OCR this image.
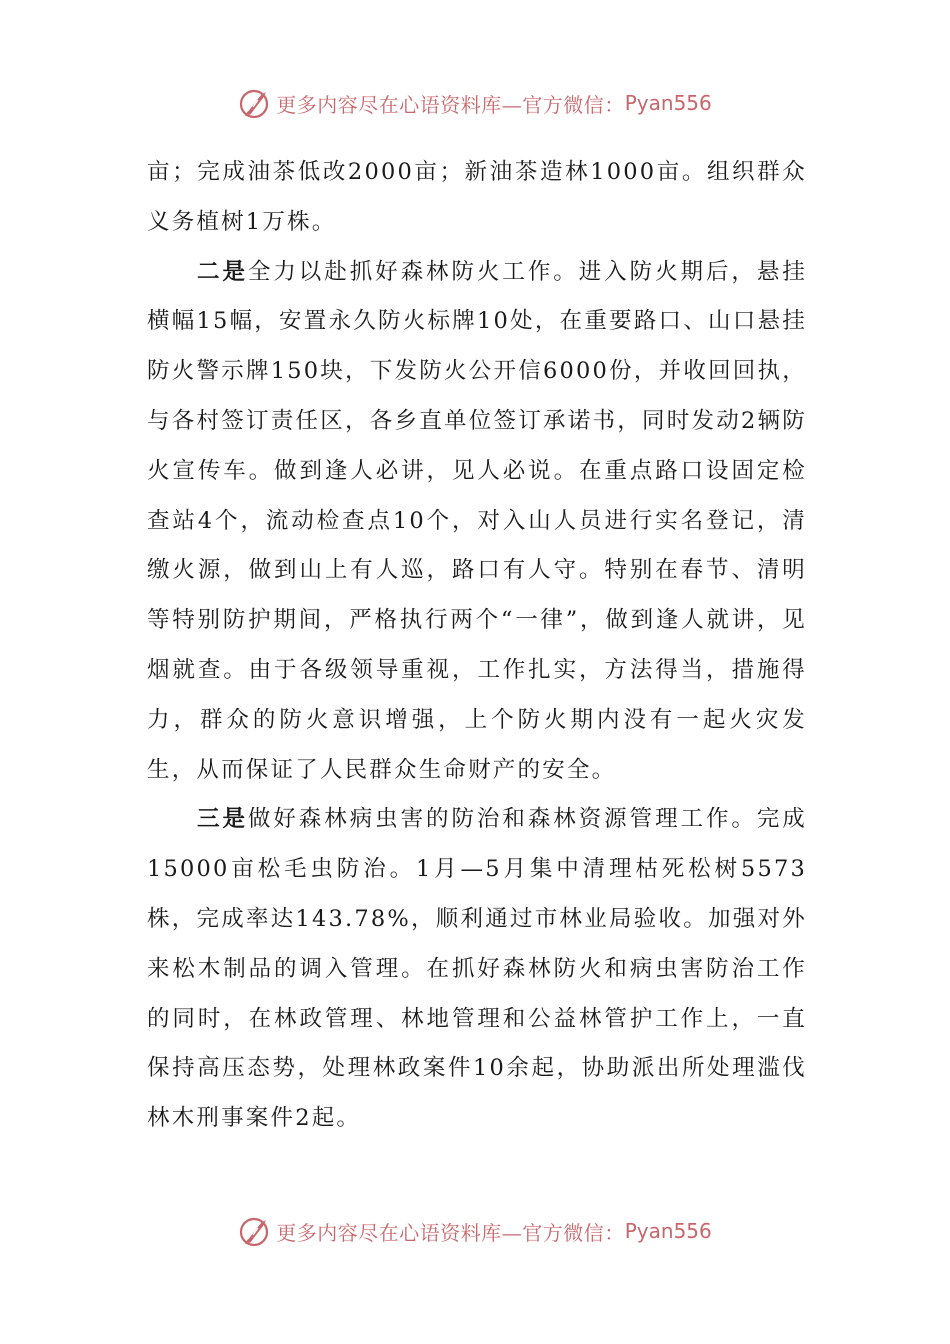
更多内容尽在心语资料库—官方微信： Pyan556

亩；完成油茶低改2000亩；新油茶造林1000亩。组织群众义务植树1万株。

二是全力以赴抓好森林防火工作。进入防火期后，悬挂横幅15幅，安置永久防火标牌10处，在重要路口、山口悬挂防火警示牌150块，下发防火公开信6000份，并收回回执，与各村签订责任区，各乡直单位签订承诺书，同时发动2辆防火宣传车。做到逢人必讲，见人必说。在重点路口设固定检查站4个，流动检查点10个，对入山人员进行实名登记，清缴火源，做到山上有人巡，路口有人守。特别在春节、清明等特别防护期间，严格执行两个“一律”，做到逢人就讲，见烟就查。由于各级领导重视，工作扎实，方法得当，措施得力，群众的防火意识增强，上个防火期内没有一起火灾发生，从而保证了人民群众生命财产的安全。

三是做好森林病虫害的防治和森林资源管理工作。完成15000亩松毛虫防治。1月—5月集中清理枯死松树5573株，完成率达143.78%，顺利通过市林业局验收。加强对外来松木制品的调入管理。在抓好森林防火和病虫害防治工作的同时，在林政管理、林地管理和公益林管护工作上，一直保持高压态势，处理林政案件10余起，协助派出所处理滥伐林木刑事案件2起。

更多内容尽在心语资料库—官方微信： Pyan556
